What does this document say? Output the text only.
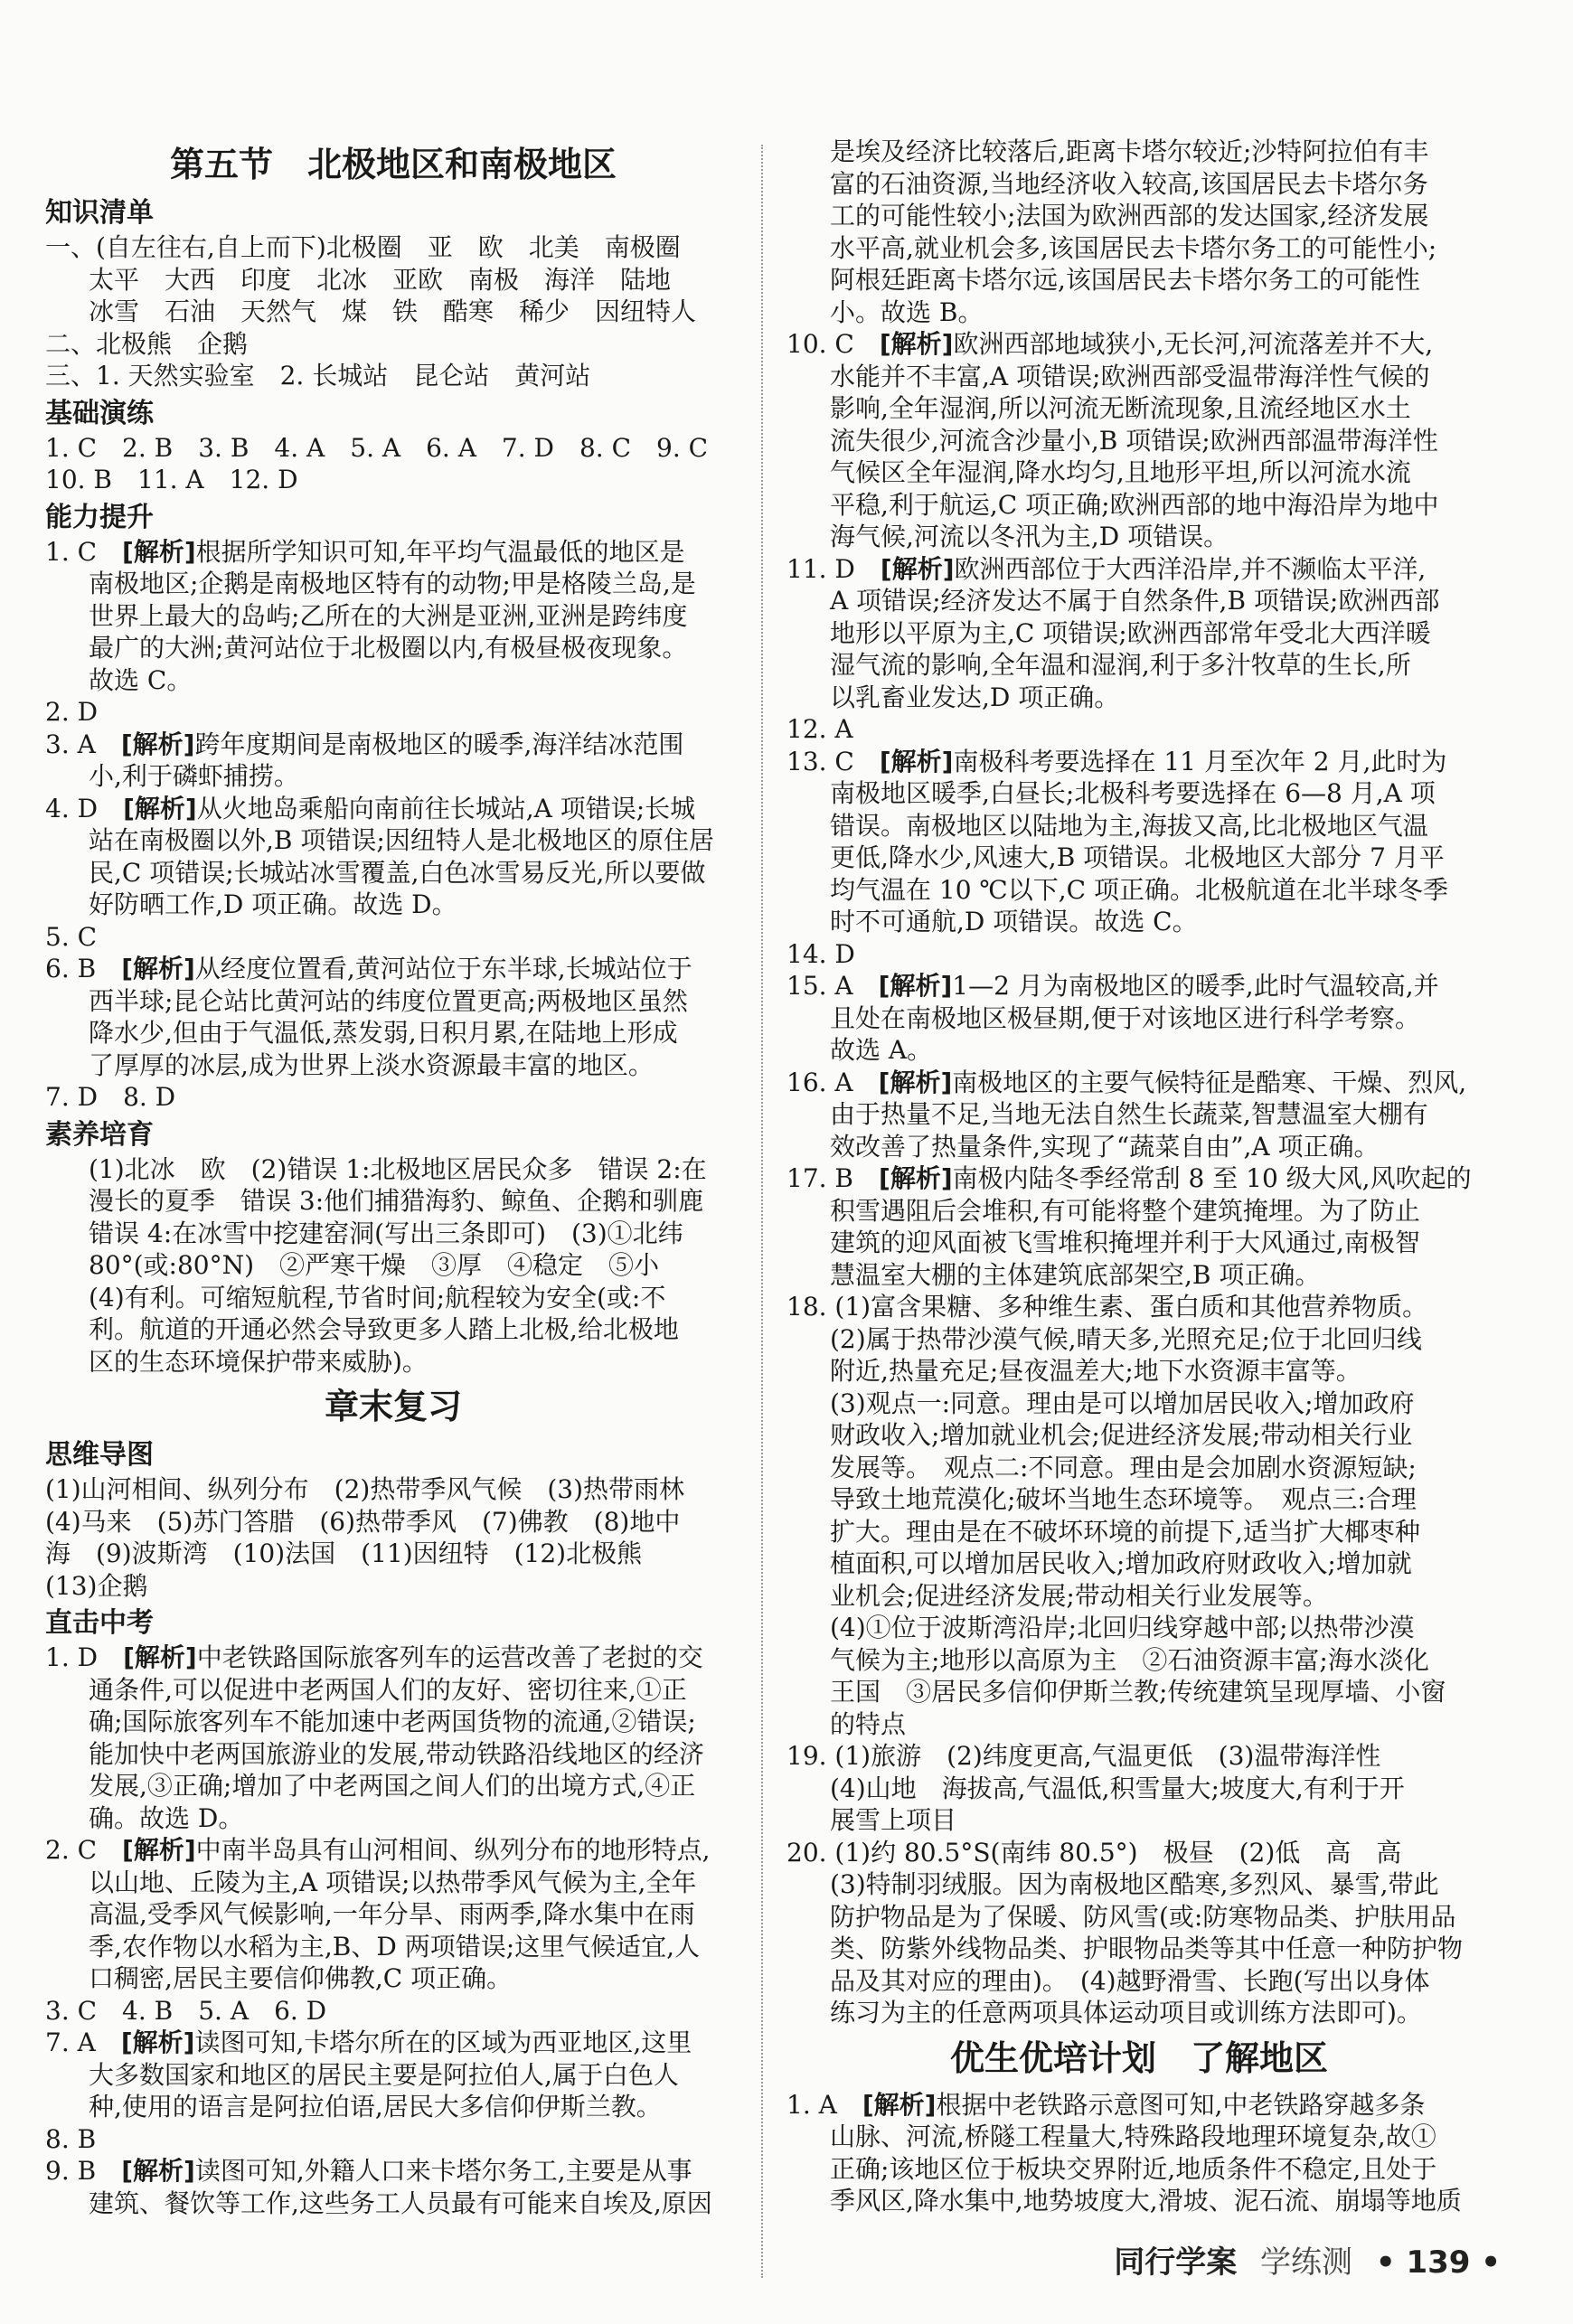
第五节　北极地区和南极地区
知识清单
一、(自左往右,自上而下)北极圈　亚　欧　北美　南极圈
太平　大西　印度　北冰　亚欧　南极　海洋　陆地
冰雪　石油　天然气　煤　铁　酷寒　稀少　因纽特人
二、北极熊　企鹅
三、1. 天然实验室　2. 长城站　昆仑站　黄河站
基础演练
1. C　2. B　3. B　4. A　5. A　6. A　7. D　8. C　9. C
10. B　11. A　12. D
能力提升
1. C　[解析]根据所学知识可知,年平均气温最低的地区是
南极地区;企鹅是南极地区特有的动物;甲是格陵兰岛,是
世界上最大的岛屿;乙所在的大洲是亚洲,亚洲是跨纬度
最广的大洲;黄河站位于北极圈以内,有极昼极夜现象。
故选 C。
2. D
3. A　[解析]跨年度期间是南极地区的暖季,海洋结冰范围
小,利于磷虾捕捞。
4. D　[解析]从火地岛乘船向南前往长城站,A 项错误;长城
站在南极圈以外,B 项错误;因纽特人是北极地区的原住居
民,C 项错误;长城站冰雪覆盖,白色冰雪易反光,所以要做
好防晒工作,D 项正确。故选 D。
5. C
6. B　[解析]从经度位置看,黄河站位于东半球,长城站位于
西半球;昆仑站比黄河站的纬度位置更高;两极地区虽然
降水少,但由于气温低,蒸发弱,日积月累,在陆地上形成
了厚厚的冰层,成为世界上淡水资源最丰富的地区。
7. D　8. D
素养培育
(1)北冰　欧　(2)错误 1:北极地区居民众多　错误 2:在
漫长的夏季　错误 3:他们捕猎海豹、鲸鱼、企鹅和驯鹿
错误 4:在冰雪中挖建窑洞(写出三条即可)　(3)①北纬
80°(或:80°N)　②严寒干燥　③厚　④稳定　⑤小
(4)有利。可缩短航程,节省时间;航程较为安全(或:不
利。航道的开通必然会导致更多人踏上北极,给北极地
区的生态环境保护带来威胁)。
章末复习
思维导图
(1)山河相间、纵列分布　(2)热带季风气候　(3)热带雨林
(4)马来　(5)苏门答腊　(6)热带季风　(7)佛教　(8)地中
海　(9)波斯湾　(10)法国　(11)因纽特　(12)北极熊
(13)企鹅
直击中考
1. D　[解析]中老铁路国际旅客列车的运营改善了老挝的交
通条件,可以促进中老两国人们的友好、密切往来,①正
确;国际旅客列车不能加速中老两国货物的流通,②错误;
能加快中老两国旅游业的发展,带动铁路沿线地区的经济
发展,③正确;增加了中老两国之间人们的出境方式,④正
确。故选 D。
2. C　[解析]中南半岛具有山河相间、纵列分布的地形特点,
以山地、丘陵为主,A 项错误;以热带季风气候为主,全年
高温,受季风气候影响,一年分旱、雨两季,降水集中在雨
季,农作物以水稻为主,B、D 两项错误;这里气候适宜,人
口稠密,居民主要信仰佛教,C 项正确。
3. C　4. B　5. A　6. D
7. A　[解析]读图可知,卡塔尔所在的区域为西亚地区,这里
大多数国家和地区的居民主要是阿拉伯人,属于白色人
种,使用的语言是阿拉伯语,居民大多信仰伊斯兰教。
8. B
9. B　[解析]读图可知,外籍人口来卡塔尔务工,主要是从事
建筑、餐饮等工作,这些务工人员最有可能来自埃及,原因
是埃及经济比较落后,距离卡塔尔较近;沙特阿拉伯有丰
富的石油资源,当地经济收入较高,该国居民去卡塔尔务
工的可能性较小;法国为欧洲西部的发达国家,经济发展
水平高,就业机会多,该国居民去卡塔尔务工的可能性小;
阿根廷距离卡塔尔远,该国居民去卡塔尔务工的可能性
小。故选 B。
10. C　[解析]欧洲西部地域狭小,无长河,河流落差并不大,
水能并不丰富,A 项错误;欧洲西部受温带海洋性气候的
影响,全年湿润,所以河流无断流现象,且流经地区水土
流失很少,河流含沙量小,B 项错误;欧洲西部温带海洋性
气候区全年湿润,降水均匀,且地形平坦,所以河流水流
平稳,利于航运,C 项正确;欧洲西部的地中海沿岸为地中
海气候,河流以冬汛为主,D 项错误。
11. D　[解析]欧洲西部位于大西洋沿岸,并不濒临太平洋,
A 项错误;经济发达不属于自然条件,B 项错误;欧洲西部
地形以平原为主,C 项错误;欧洲西部常年受北大西洋暖
湿气流的影响,全年温和湿润,利于多汁牧草的生长,所
以乳畜业发达,D 项正确。
12. A
13. C　[解析]南极科考要选择在 11 月至次年 2 月,此时为
南极地区暖季,白昼长;北极科考要选择在 6—8 月,A 项
错误。南极地区以陆地为主,海拔又高,比北极地区气温
更低,降水少,风速大,B 项错误。北极地区大部分 7 月平
均气温在 10 ℃以下,C 项正确。北极航道在北半球冬季
时不可通航,D 项错误。故选 C。
14. D
15. A　[解析]1—2 月为南极地区的暖季,此时气温较高,并
且处在南极地区极昼期,便于对该地区进行科学考察。
故选 A。
16. A　[解析]南极地区的主要气候特征是酷寒、干燥、烈风,
由于热量不足,当地无法自然生长蔬菜,智慧温室大棚有
效改善了热量条件,实现了“蔬菜自由”,A 项正确。
17. B　[解析]南极内陆冬季经常刮 8 至 10 级大风,风吹起的
积雪遇阻后会堆积,有可能将整个建筑掩埋。为了防止
建筑的迎风面被飞雪堆积掩埋并利于大风通过,南极智
慧温室大棚的主体建筑底部架空,B 项正确。
18. (1)富含果糖、多种维生素、蛋白质和其他营养物质。
(2)属于热带沙漠气候,晴天多,光照充足;位于北回归线
附近,热量充足;昼夜温差大;地下水资源丰富等。
(3)观点一:同意。理由是可以增加居民收入;增加政府
财政收入;增加就业机会;促进经济发展;带动相关行业
发展等。　观点二:不同意。理由是会加剧水资源短缺;
导致土地荒漠化;破坏当地生态环境等。　观点三:合理
扩大。理由是在不破坏环境的前提下,适当扩大椰枣种
植面积,可以增加居民收入;增加政府财政收入;增加就
业机会;促进经济发展;带动相关行业发展等。
(4)①位于波斯湾沿岸;北回归线穿越中部;以热带沙漠
气候为主;地形以高原为主　②石油资源丰富;海水淡化
王国　③居民多信仰伊斯兰教;传统建筑呈现厚墙、小窗
的特点
19. (1)旅游　(2)纬度更高,气温更低　(3)温带海洋性
(4)山地　海拔高,气温低,积雪量大;坡度大,有利于开
展雪上项目
20. (1)约 80.5°S(南纬 80.5°)　极昼　(2)低　高　高
(3)特制羽绒服。因为南极地区酷寒,多烈风、暴雪,带此
防护物品是为了保暖、防风雪(或:防寒物品类、护肤用品
类、防紫外线物品类、护眼物品类等其中任意一种防护物
品及其对应的理由)。　(4)越野滑雪、长跑(写出以身体
练习为主的任意两项具体运动项目或训练方法即可)。
优生优培计划　了解地区
1. A　[解析]根据中老铁路示意图可知,中老铁路穿越多条
山脉、河流,桥隧工程量大,特殊路段地理环境复杂,故①
正确;该地区位于板块交界附近,地质条件不稳定,且处于
季风区,降水集中,地势坡度大,滑坡、泥石流、崩塌等地质
同行学案 学练测 • 139 •
